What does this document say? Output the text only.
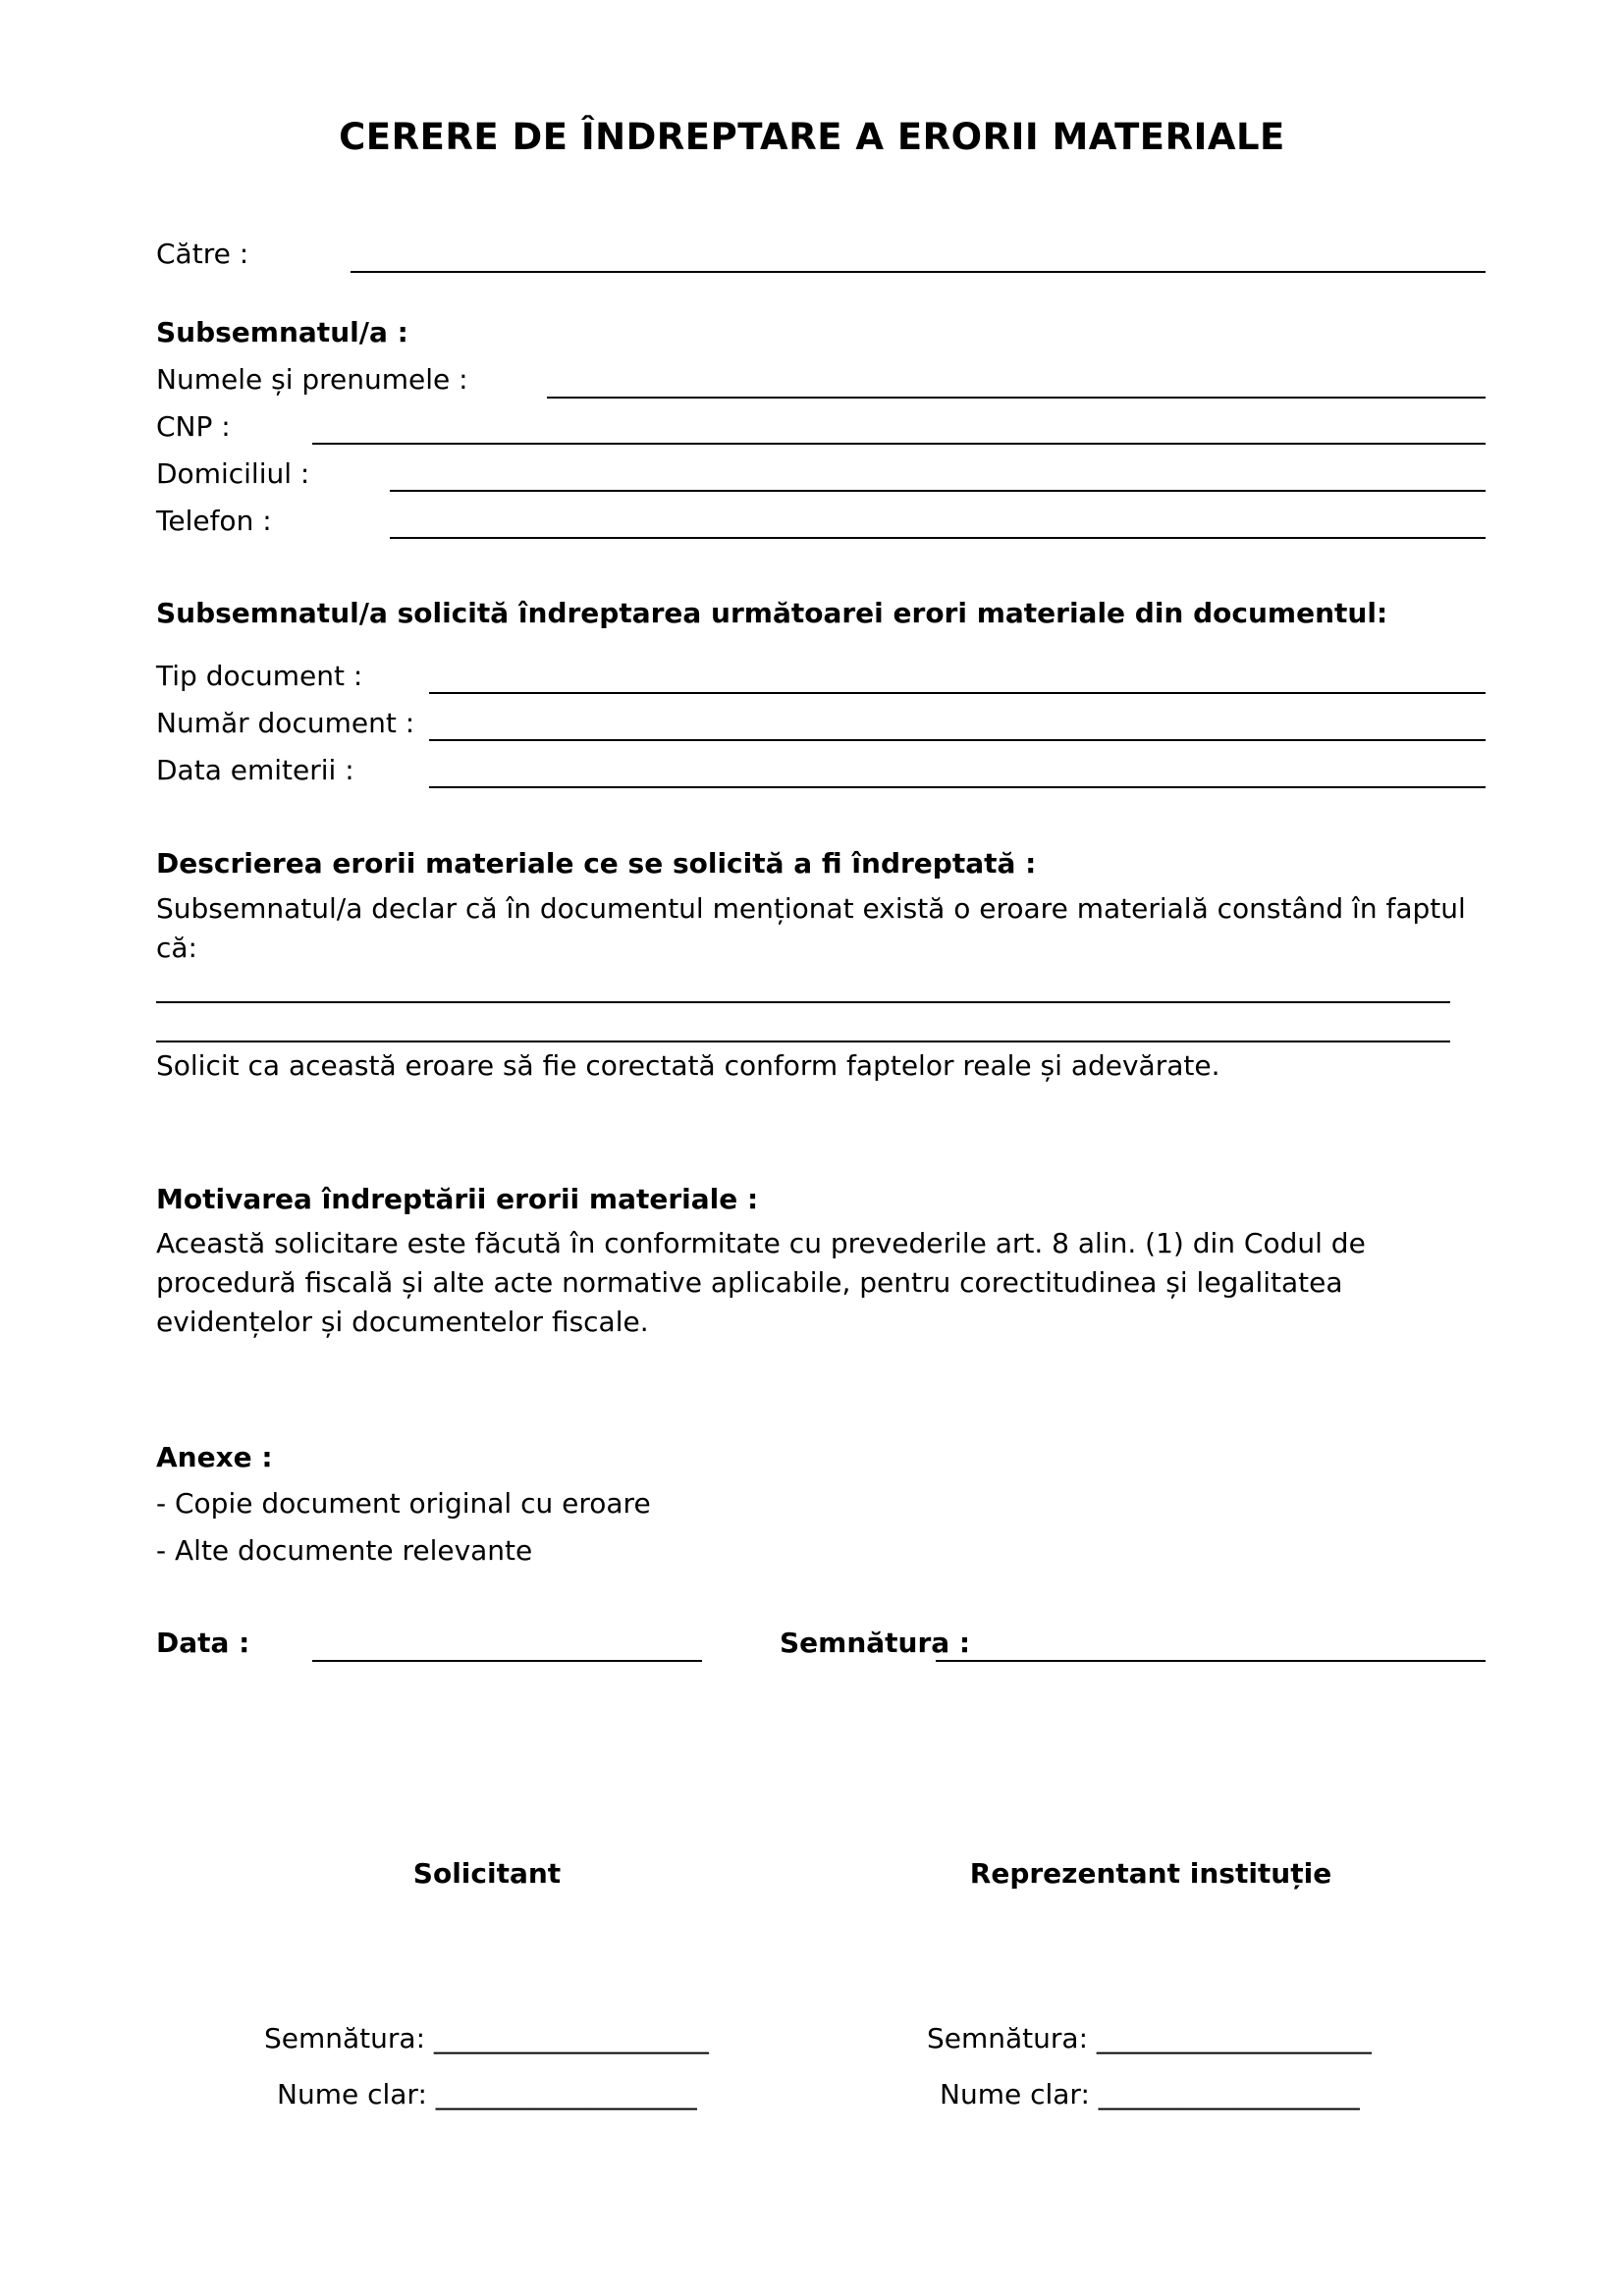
CERERE DE ÎNDREPTARE A ERORII MATERIALE
Către :
Subsemnatul/a :
Numele și prenumele :
CNP :
Domiciliul :
Telefon :
Subsemnatul/a solicită îndreptarea următoarei erori materiale din documentul:
Tip document :
Număr document :
Data emiterii :
Descrierea erorii materiale ce se solicită a fi îndreptată :
Subsemnatul/a declar că în documentul menționat există o eroare materială constând în faptul că:
Solicit ca această eroare să fie corectată conform faptelor reale și adevărate.
Motivarea îndreptării erorii materiale :
Această solicitare este făcută în conformitate cu prevederile art. 8 alin. (1) din Codul de procedură fiscală și alte acte normative aplicabile, pentru corectitudinea și legalitatea evidențelor și documentelor fiscale.
Anexe :
- Copie document original cu eroare
- Alte documente relevante
Data :	Semnătura :
Solicitant	Reprezentant instituție
Semnătura: ____________________
Nume clar: ___________________
Semnătura: ____________________
Nume clar: ___________________
